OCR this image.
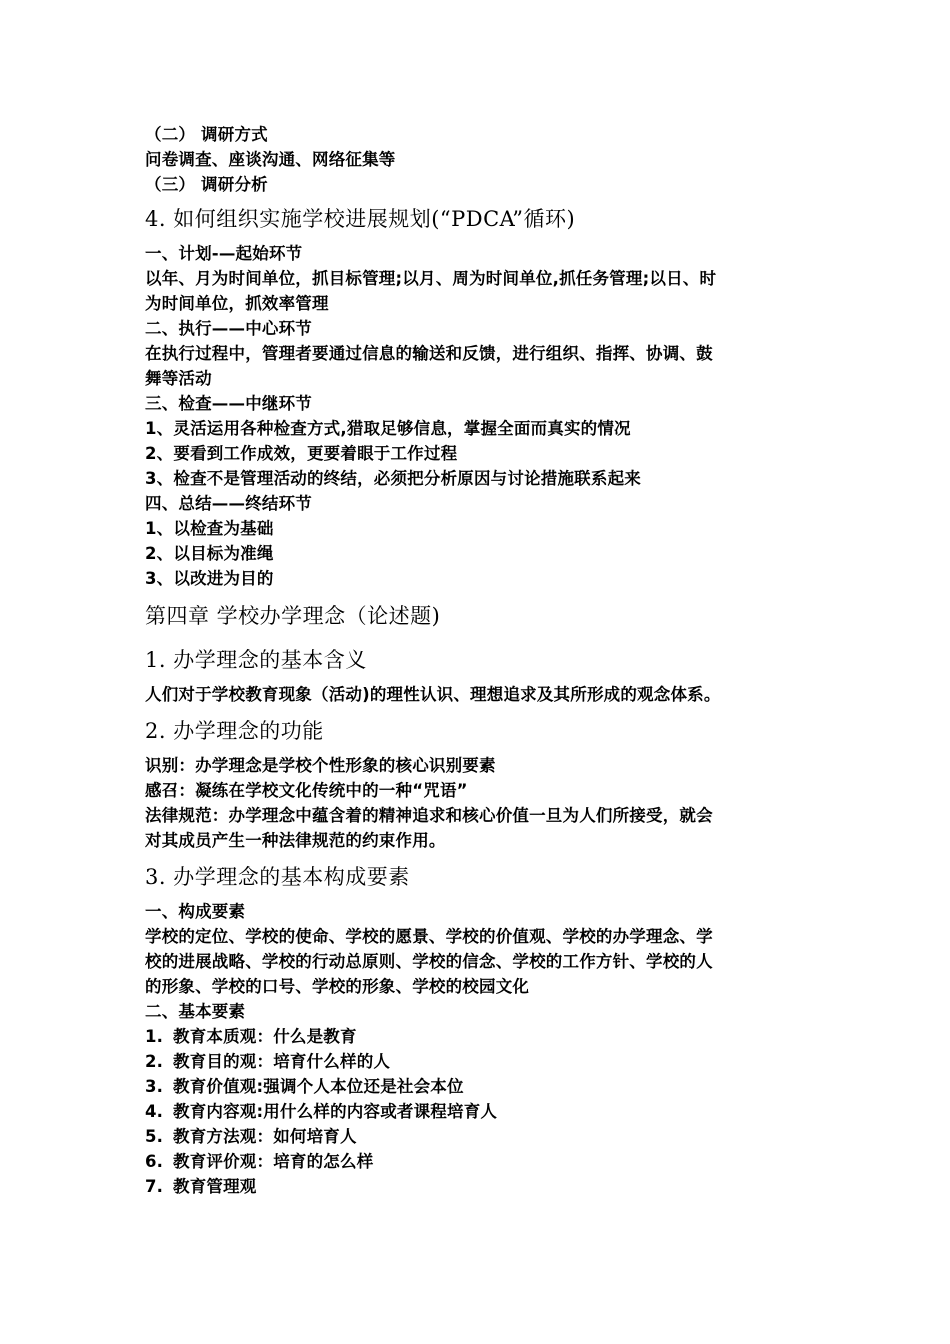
（二） 调研方式
问卷调查、座谈沟通、网络征集等
（三） 调研分析
4. 如何组织实施学校进展规划(“PDCA”循环)
一、计划-—起始环节
以年、月为时间单位，抓目标管理;以月、周为时间单位,抓任务管理;以日、时
为时间单位，抓效率管理
二、执行——中心环节
在执行过程中，管理者要通过信息的输送和反馈，进行组织、指挥、协调、鼓
舞等活动
三、检查——中继环节
1、灵活运用各种检查方式,猎取足够信息，掌握全面而真实的情况
2、要看到工作成效，更要着眼于工作过程
3、检查不是管理活动的终结，必须把分析原因与讨论措施联系起来
四、总结——终结环节
1、以检查为基础
2、以目标为准绳
3、以改进为目的
第四章 学校办学理念（论述题)
1. 办学理念的基本含义
人们对于学校教育现象（活动)的理性认识、理想追求及其所形成的观念体系。
2. 办学理念的功能
识别：办学理念是学校个性形象的核心识别要素
感召：凝练在学校文化传统中的一种“咒语”
法律规范：办学理念中蕴含着的精神追求和核心价值一旦为人们所接受，就会
对其成员产生一种法律规范的约束作用。
3. 办学理念的基本构成要素
一、构成要素
学校的定位、学校的使命、学校的愿景、学校的价值观、学校的办学理念、学
校的进展战略、学校的行动总原则、学校的信念、学校的工作方针、学校的人
的形象、学校的口号、学校的形象、学校的校园文化
二、基本要素
1. 教育本质观：什么是教育
2. 教育目的观：培育什么样的人
3. 教育价值观:强调个人本位还是社会本位
4. 教育内容观:用什么样的内容或者课程培育人
5. 教育方法观：如何培育人
6. 教育评价观：培育的怎么样
7. 教育管理观
